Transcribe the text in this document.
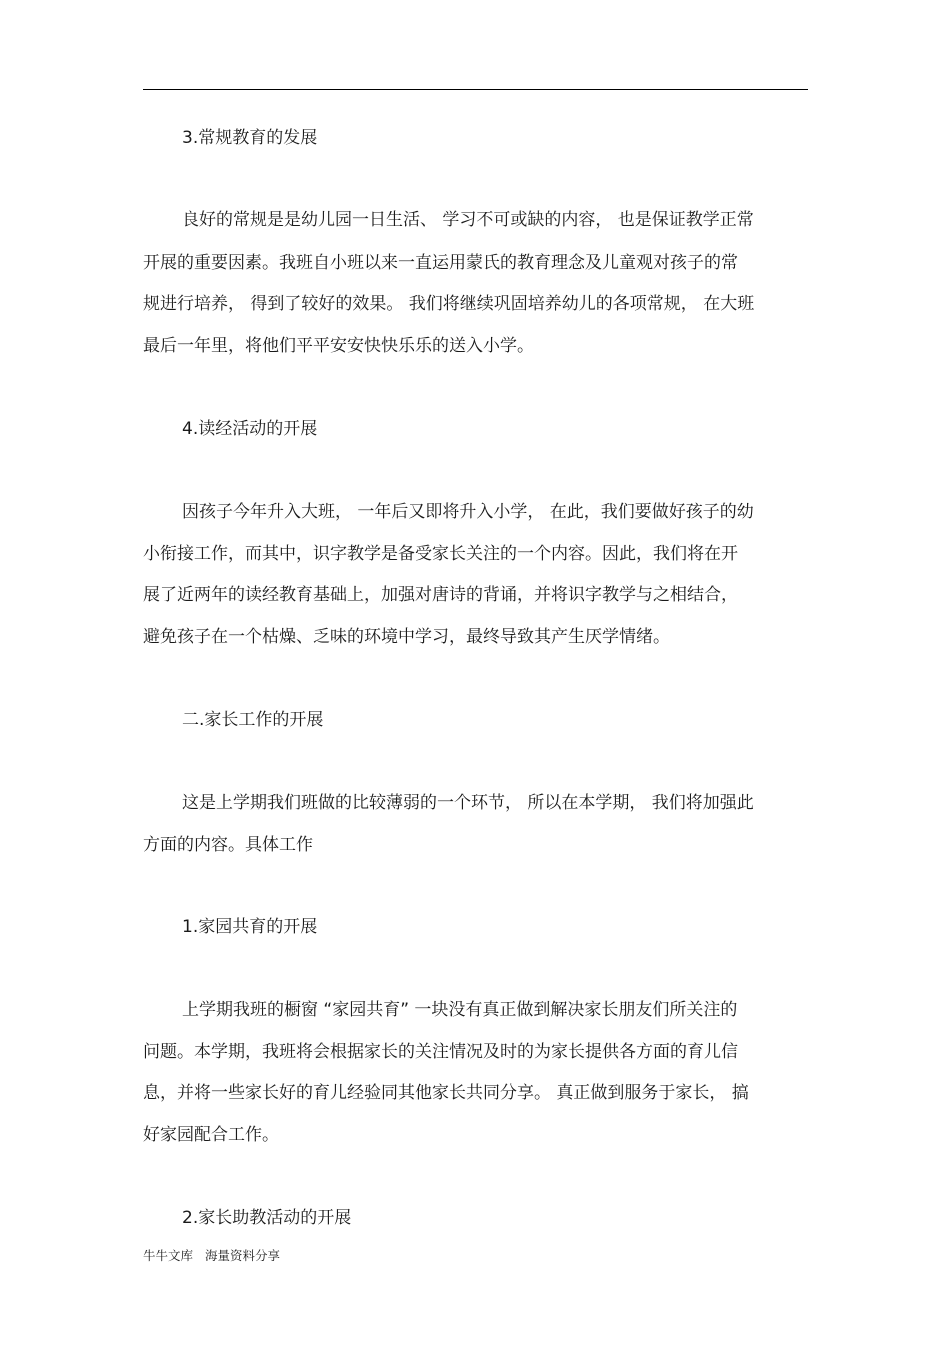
3.常规教育的发展
良好的常规是是幼儿园一日生活、 学习不可或缺的内容， 也是保证教学正常
开展的重要因素。我班自小班以来一直运用蒙氏的教育理念及儿童观对孩子的常
规进行培养， 得到了较好的效果。 我们将继续巩固培养幼儿的各项常规， 在大班
最后一年里，将他们平平安安快快乐乐的送入小学。
4.读经活动的开展
因孩子今年升入大班， 一年后又即将升入小学， 在此，我们要做好孩子的幼
小衔接工作，而其中，识字教学是备受家长关注的一个内容。因此，我们将在开
展了近两年的读经教育基础上，加强对唐诗的背诵，并将识字教学与之相结合，
避免孩子在一个枯燥、乏味的环境中学习，最终导致其产生厌学情绪。
二.家长工作的开展
这是上学期我们班做的比较薄弱的一个环节， 所以在本学期， 我们将加强此
方面的内容。具体工作
1.家园共育的开展
上学期我班的橱窗 “家园共育” 一块没有真正做到解决家长朋友们所关注的
问题。本学期，我班将会根据家长的关注情况及时的为家长提供各方面的育儿信
息，并将一些家长好的育儿经验同其他家长共同分享。 真正做到服务于家长， 搞
好家园配合工作。
2.家长助教活动的开展
牛牛文库 海量资料分享
